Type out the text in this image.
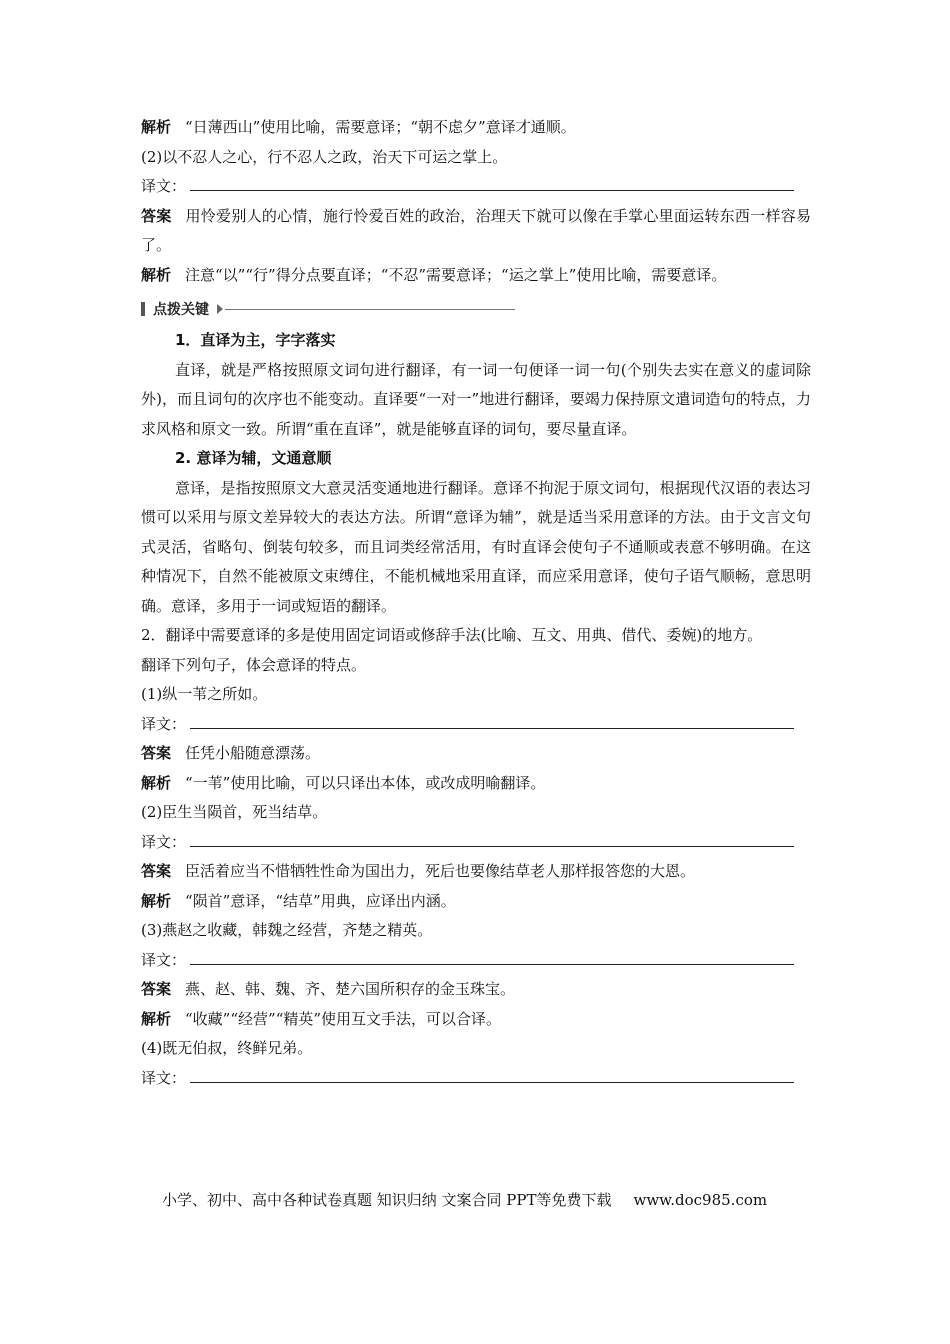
解析 “日薄西山”使用比喻，需要意译；“朝不虑夕”意译才通顺。
(2)以不忍人之心，行不忍人之政，治天下可运之掌上。
译文：
答案 用怜爱别人的心情，施行怜爱百姓的政治，治理天下就可以像在手掌心里面运转东西一样容易了。
解析 注意“以”“行”得分点要直译；“不忍”需要意译；“运之掌上”使用比喻，需要意译。
点拨关键
1．直译为主，字字落实
直译，就是严格按照原文词句进行翻译，有一词一句便译一词一句(个别失去实在意义的虚词除外)，而且词句的次序也不能变动。直译要“一对一”地进行翻译，要竭力保持原文遣词造句的特点，力求风格和原文一致。所谓“重在直译”，就是能够直译的词句，要尽量直译。
2. 意译为辅，文通意顺
意译，是指按照原文大意灵活变通地进行翻译。意译不拘泥于原文词句，根据现代汉语的表达习惯可以采用与原文差异较大的表达方法。所谓“意译为辅”，就是适当采用意译的方法。由于文言文句式灵活，省略句、倒装句较多，而且词类经常活用，有时直译会使句子不通顺或表意不够明确。在这种情况下，自然不能被原文束缚住，不能机械地采用直译，而应采用意译，使句子语气顺畅，意思明确。意译，多用于一词或短语的翻译。
2．翻译中需要意译的多是使用固定词语或修辞手法(比喻、互文、用典、借代、委婉)的地方。
翻译下列句子，体会意译的特点。
(1)纵一苇之所如。
译文：
答案 任凭小船随意漂荡。
解析 “一苇”使用比喻，可以只译出本体，或改成明喻翻译。
(2)臣生当陨首，死当结草。
译文：
答案 臣活着应当不惜牺牲性命为国出力，死后也要像结草老人那样报答您的大恩。
解析 “陨首”意译，“结草”用典，应译出内涵。
(3)燕赵之收藏，韩魏之经营，齐楚之精英。
译文：
答案 燕、赵、韩、魏、齐、楚六国所积存的金玉珠宝。
解析 “收藏”“经营”“精英”使用互文手法，可以合译。
(4)既无伯叔，终鲜兄弟。
译文：
小学、初中、高中各种试卷真题 知识归纳 文案合同 PPT等免费下载 www.doc985.com
